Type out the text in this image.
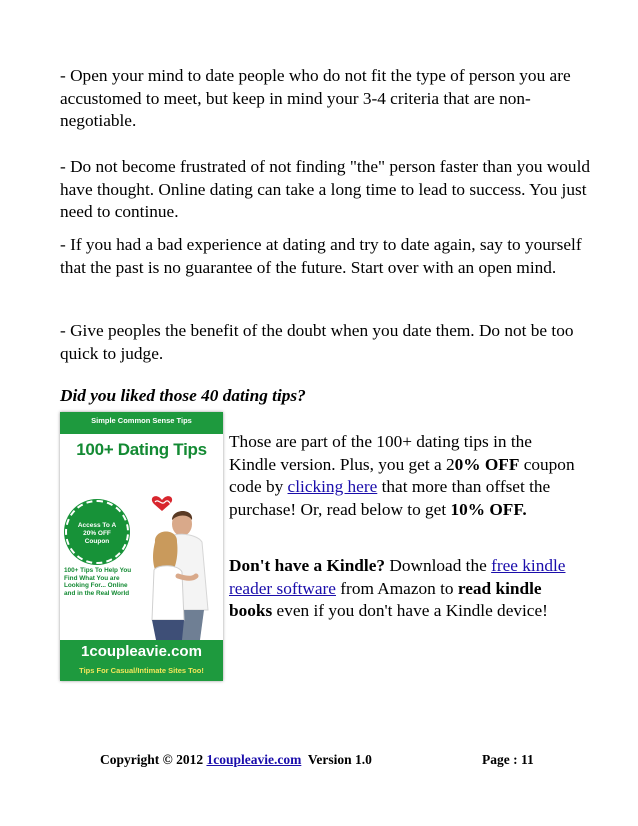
- Open your mind to date people who do not fit the type of person you are accustomed to meet, but keep in mind your 3-4 criteria that are non-negotiable.

- Do not become frustrated of not finding "the" person faster than you would have thought. Online dating can take a long time to lead to success. You just need to continue.

- If you had a bad experience at dating and try to date again, say to yourself that the past is no guarantee of the future. Start over with an open mind.

- Give peoples the benefit of the doubt when you date them. Do not be too quick to judge.

Did you liked those 40 dating tips?
Simple Common Sense Tips
100+ Dating Tips
Access To A
20% OFF
Coupon
100+ Tips To Help You
Find What You are
Looking For... Online
and in the Real World
1coupleavie.com
Tips For Casual/Intimate Sites Too!

Those are part of the 100+ dating tips in the Kindle version. Plus, you get a 20% OFF coupon code by clicking here that more than offset the purchase! Or, read below to get 10% OFF.

Don't have a Kindle? Download the free kindle reader software from Amazon to read kindle books even if you don't have a Kindle device!

Copyright © 2012 1coupleavie.com  Version 1.0	Page : 11
